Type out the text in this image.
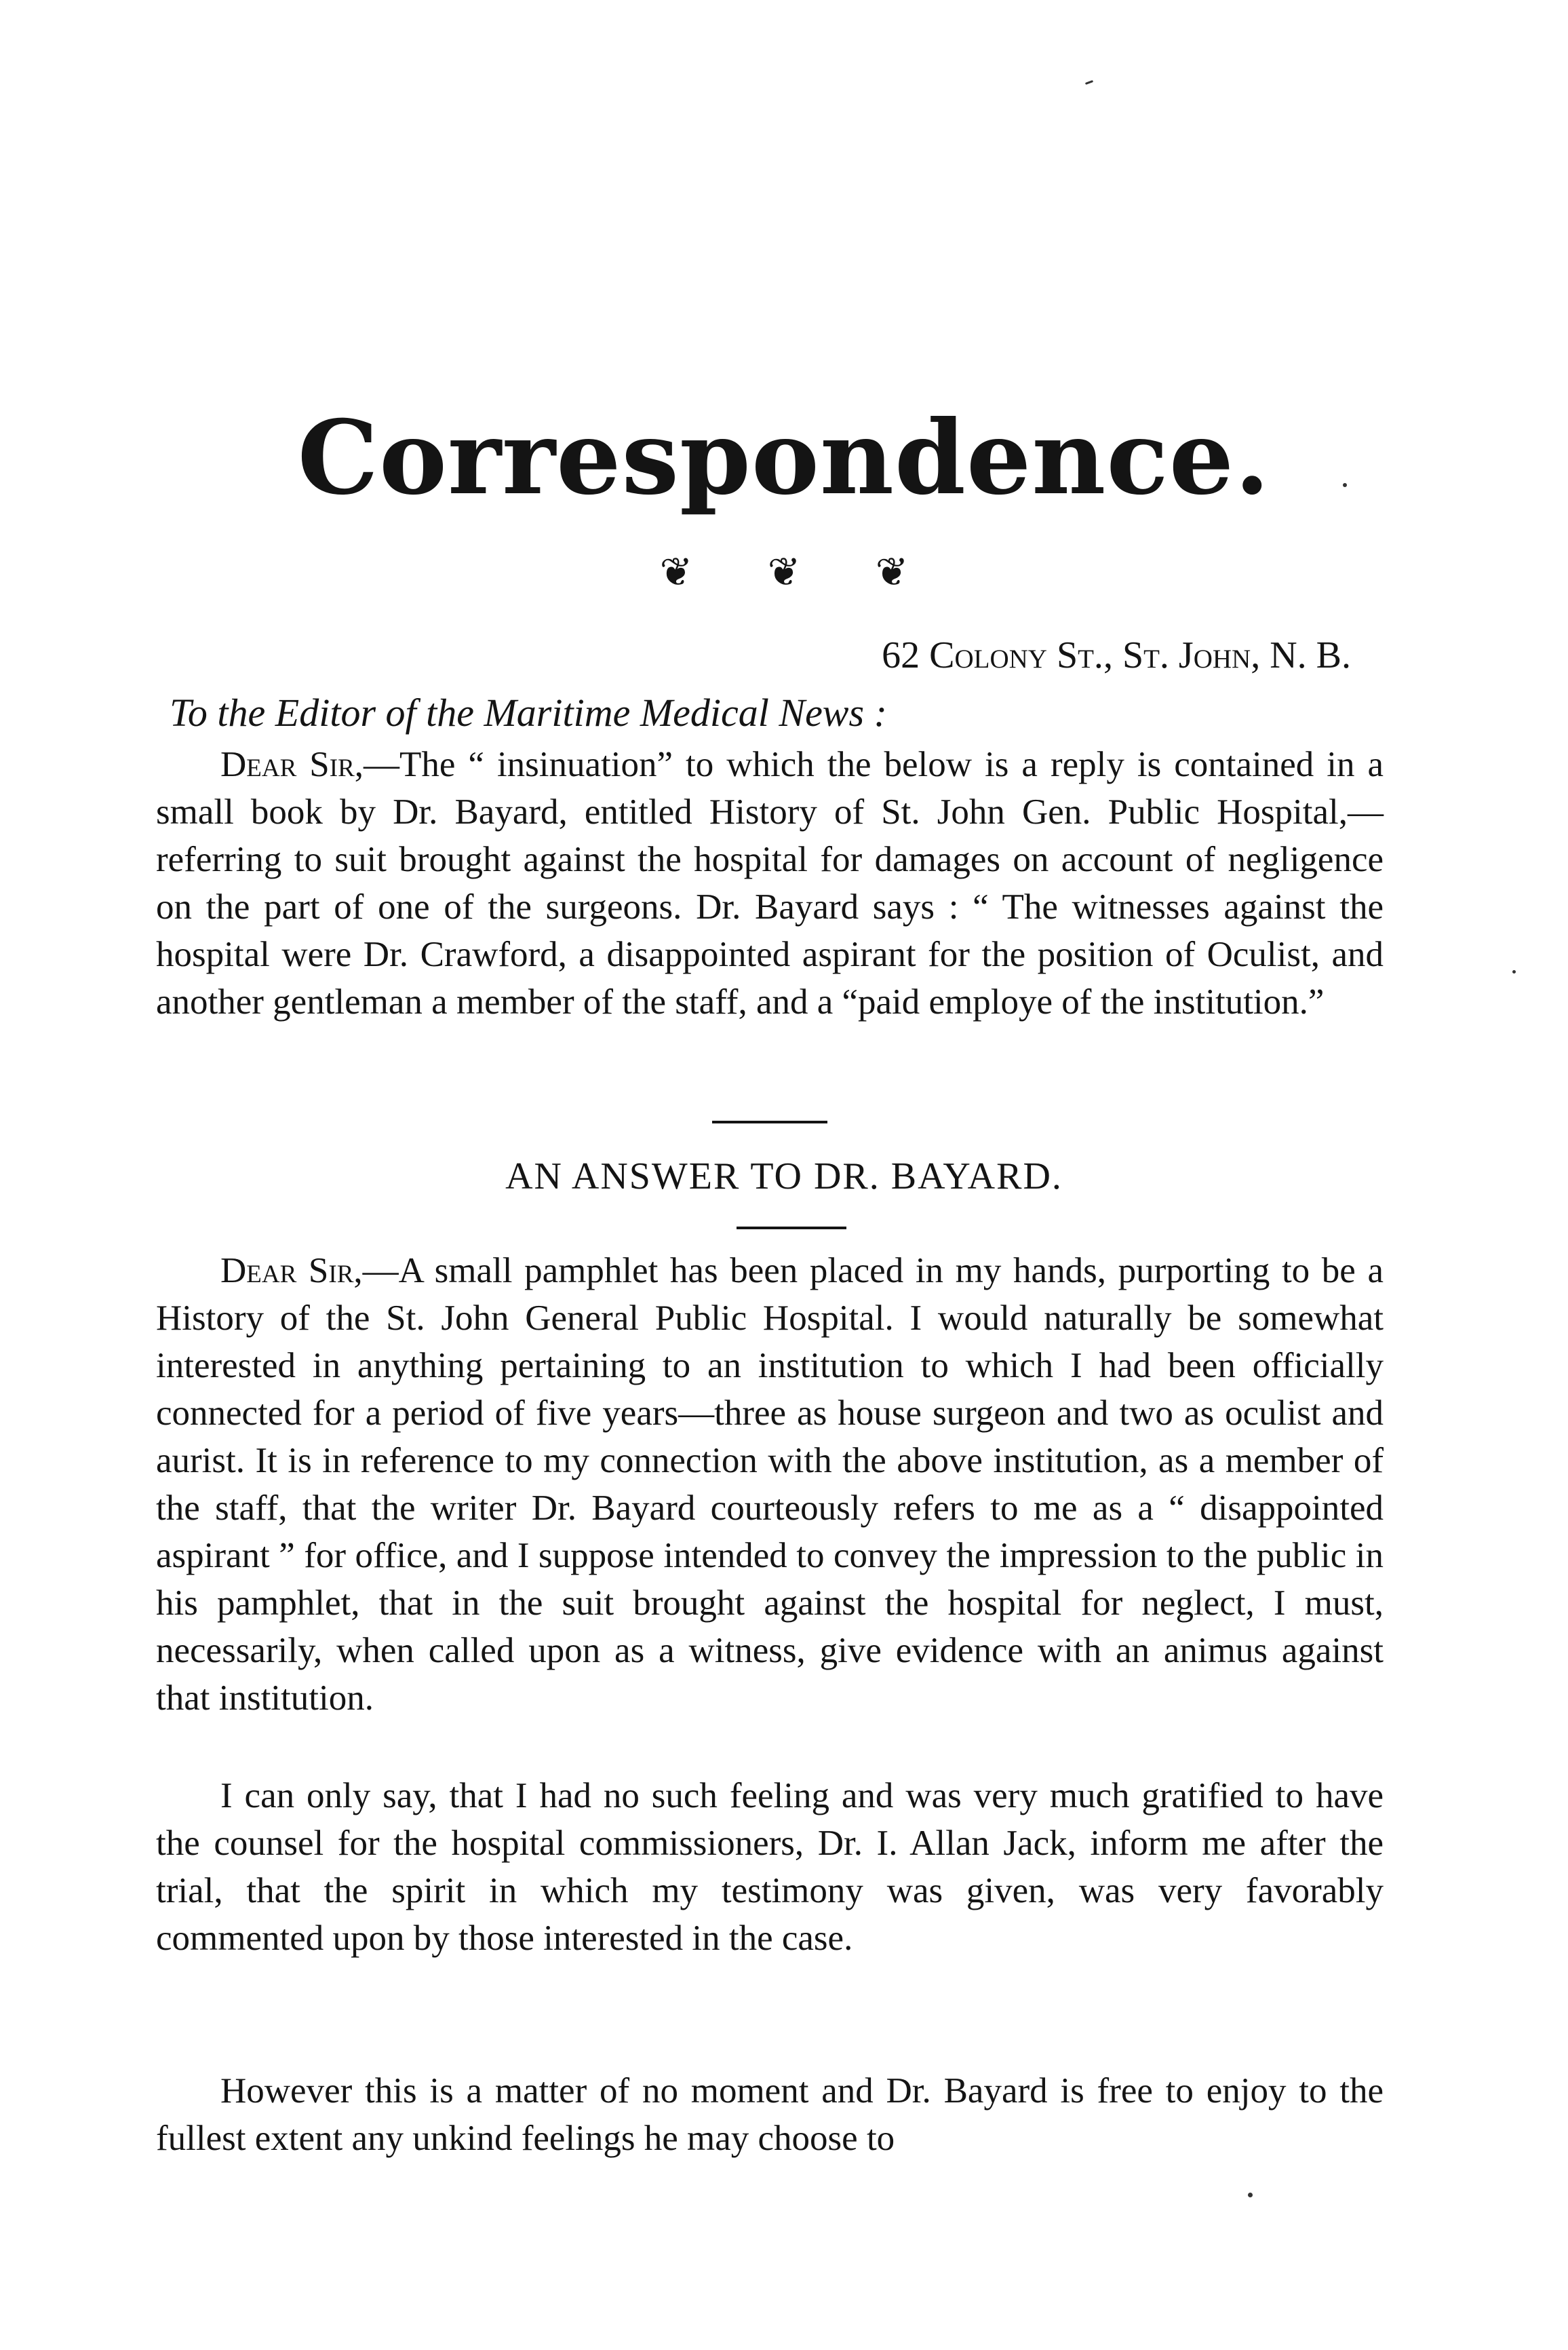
Correspondence.
❦ ❦ ❦
62 Colony St., St. John, N. B.
To the Editor of the Maritime Medical News :

Dear Sir,—The “ insinuation” to which the below is a reply is contained in a small book by Dr. Bayard, entitled History of St. John Gen. Public Hospital,—referring to suit brought against the hospital for damages on account of negligence on the part of one of the surgeons. Dr. Bayard says : “ The witnesses against the hospital were Dr. Crawford, a disappointed aspirant for the position of Oculist, and another gentleman a member of the staff, and a “paid employe of the institution.”

AN ANSWER TO DR. BAYARD.

Dear Sir,—A small pamphlet has been placed in my hands, purporting to be a History of the St. John General Public Hospital. I would naturally be somewhat interested in anything pertaining to an institution to which I had been officially connected for a period of five years—three as house surgeon and two as oculist and aurist. It is in reference to my connection with the above institution, as a member of the staff, that the writer Dr. Bayard courteously refers to me as a “ disappointed aspirant ” for office, and I suppose intended to convey the impression to the public in his pamphlet, that in the suit brought against the hospital for neglect, I must, necessarily, when called upon as a witness, give evidence with an animus against that institution.

I can only say, that I had no such feeling and was very much gratified to have the counsel for the hospital commissioners, Dr. I. Allan Jack, inform me after the trial, that the spirit in which my testimony was given, was very favorably commented upon by those interested in the case.

However this is a matter of no moment and Dr. Bayard is free to enjoy to the fullest extent any unkind feelings he may choose to
